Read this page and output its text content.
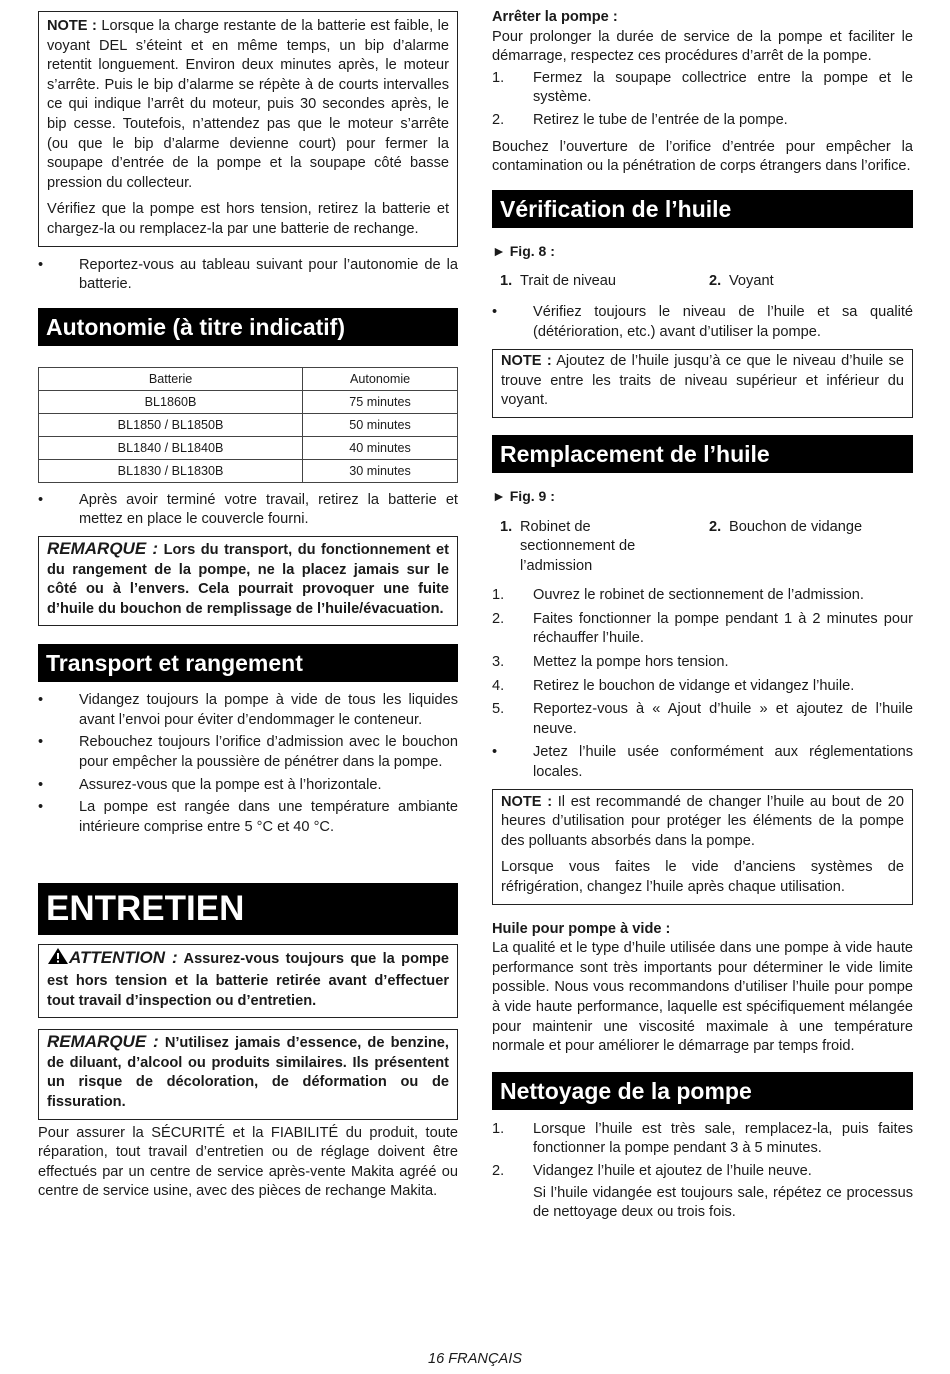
NOTE : Lorsque la charge restante de la batterie est faible, le voyant DEL s’éteint et en même temps, un bip d’alarme retentit longuement. Environ deux minutes après, le moteur s’arrête. Puis le bip d’alarme se répète à de courts intervalles ce qui indique l’arrêt du moteur, puis 30 secondes après, le bip cesse. Toutefois, n’attendez pas que le moteur s’arrête (ou que le bip d’alarme devienne court) pour fermer la soupape d’entrée de la pompe et la soupape côté basse pression du collecteur.

Vérifiez que la pompe est hors tension, retirez la batterie et chargez-la ou remplacez-la par une batterie de rechange.

•	Reportez-vous au tableau suivant pour l’autonomie de la batterie.
Autonomie (à titre indicatif)
Batterie	Autonomie
BL1860B	75 minutes
BL1850 / BL1850B	50 minutes
BL1840 / BL1840B	40 minutes
BL1830 / BL1830B	30 minutes
•	Après avoir terminé votre travail, retirez la batterie et mettez en place le couvercle fourni.

REMARQUE : Lors du transport, du fonctionnement et du rangement de la pompe, ne la placez jamais sur le côté ou à l’envers. Cela pourrait provoquer une fuite d’huile du bouchon de remplissage de l’huile/évacuation.

Transport et rangement
•	Vidangez toujours la pompe à vide de tous les liquides avant l’envoi pour éviter d’endommager le conteneur.
•	Rebouchez toujours l’orifice d’admission avec le bouchon pour empêcher la poussière de pénétrer dans la pompe.
•	Assurez-vous que la pompe est à l’horizontale.
•	La pompe est rangée dans une température ambiante intérieure comprise entre 5 °C et 40 °C.
ENTRETIEN

ATTENTION : Assurez-vous toujours que la pompe est hors tension et la batterie retirée avant d’effectuer tout travail d’inspection ou d’entretien.

REMARQUE : N’utilisez jamais d’essence, de benzine, de diluant, d’alcool ou produits similaires. Ils présentent un risque de décoloration, de déformation ou de fissuration.

Pour assurer la SÉCURITÉ et la FIABILITÉ du produit, toute réparation, tout travail d’entretien ou de réglage doivent être effectués par un centre de service après-vente Makita agréé ou centre de service usine, avec des pièces de rechange Makita.

Arrêter la pompe :

Pour prolonger la durée de service de la pompe et faciliter le démarrage, respectez ces procédures d’arrêt de la pompe.

1.	Fermez la soupape collectrice entre la pompe et le système.
2.	Retirez le tube de l’entrée de la pompe.

Bouchez l’ouverture de l’orifice d’entrée pour empêcher la contamination ou la pénétration de corps étrangers dans l’orifice.

Vérification de l’huile
► Fig. 8 :
1. Trait de niveau	2. Voyant
•	Vérifiez toujours le niveau de l’huile et sa qualité (détérioration, etc.) avant d’utiliser la pompe.

NOTE : Ajoutez de l’huile jusqu’à ce que le niveau d’huile se trouve entre les traits de niveau supérieur et inférieur du voyant.

Remplacement de l’huile
► Fig. 9 :
1. Robinet de sectionnement de l’admission
2. Bouchon de vidange
1.	Ouvrez le robinet de sectionnement de l’admission.
2.	Faites fonctionner la pompe pendant 1 à 2 minutes pour réchauffer l’huile.
3.	Mettez la pompe hors tension.
4.	Retirez le bouchon de vidange et vidangez l’huile.
5.	Reportez-vous à « Ajout d’huile » et ajoutez de l’huile neuve.
•	Jetez l’huile usée conformément aux réglementations locales.

NOTE : Il est recommandé de changer l’huile au bout de 20 heures d’utilisation pour protéger les éléments de la pompe des polluants absorbés dans la pompe.

Lorsque vous faites le vide d’anciens systèmes de réfrigération, changez l’huile après chaque utilisation.

Huile pour pompe à vide :

La qualité et le type d’huile utilisée dans une pompe à vide haute performance sont très importants pour déterminer le vide limite possible. Nous vous recommandons d’utiliser l’huile pour pompe à vide haute performance, laquelle est spécifiquement mélangée pour maintenir une viscosité maximale à une température normale et pour améliorer le démarrage par temps froid.

Nettoyage de la pompe
1.	Lorsque l’huile est très sale, remplacez-la, puis faites fonctionner la pompe pendant 3 à 5 minutes.
2.	Vidangez l’huile et ajoutez de l’huile neuve.
Si l’huile vidangée est toujours sale, répétez ce processus de nettoyage deux ou trois fois.
16 FRANÇAIS
